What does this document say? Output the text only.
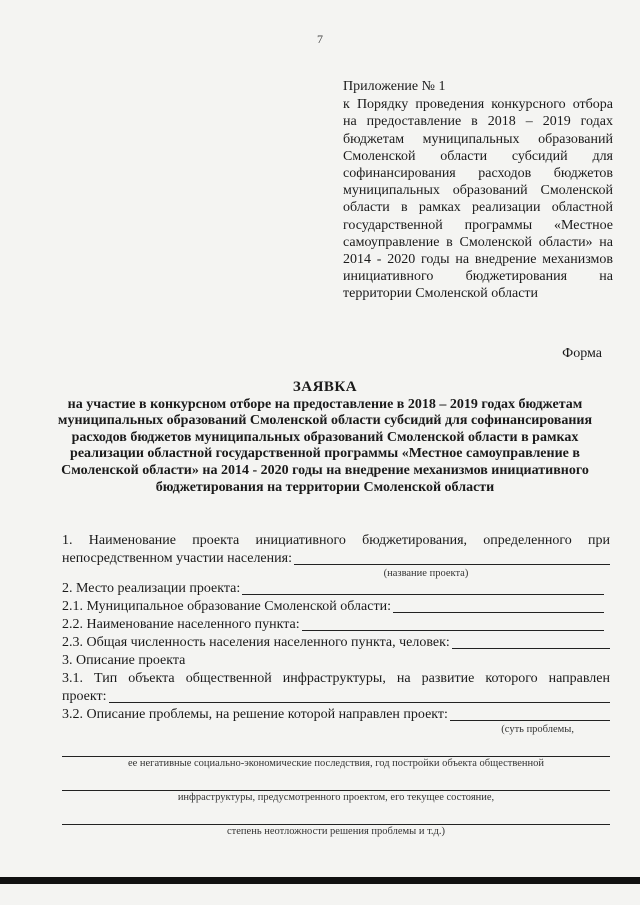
7
Приложение № 1
к Порядку проведения конкурсного отбора на предоставление в 2018 – 2019 годах бюджетам муниципальных образований Смоленской области субсидий для софинансирования расходов бюджетов муниципальных образований Смоленской области в рамках реализации областной государственной программы «Местное самоуправление в Смоленской области» на 2014 - 2020 годы на внедрение механизмов инициативного бюджетирования на территории Смоленской области
Форма
ЗАЯВКА
на участие в конкурсном отборе на предоставление в 2018 – 2019 годах бюджетам муниципальных образований Смоленской области субсидий для софинансирования расходов бюджетов муниципальных образований Смоленской области в рамках реализации областной государственной программы «Местное самоуправление в Смоленской области» на 2014 - 2020 годы на внедрение механизмов инициативного бюджетирования на территории Смоленской области
1. Наименование проекта инициативного бюджетирования, определенного при
непосредственном участии населения:
(название проекта)
2. Место реализации проекта:
2.1. Муниципальное образование Смоленской области:
2.2. Наименование населенного пункта:
2.3. Общая численность населения населенного пункта, человек:
3. Описание проекта
3.1. Тип объекта общественной инфраструктуры, на развитие которого направлен
проект:
3.2. Описание проблемы, на решение которой направлен проект:
(суть проблемы,
ее негативные социально-экономические последствия, год постройки объекта общественной
инфраструктуры, предусмотренного проектом, его текущее состояние,
степень неотложности решения проблемы и т.д.)
